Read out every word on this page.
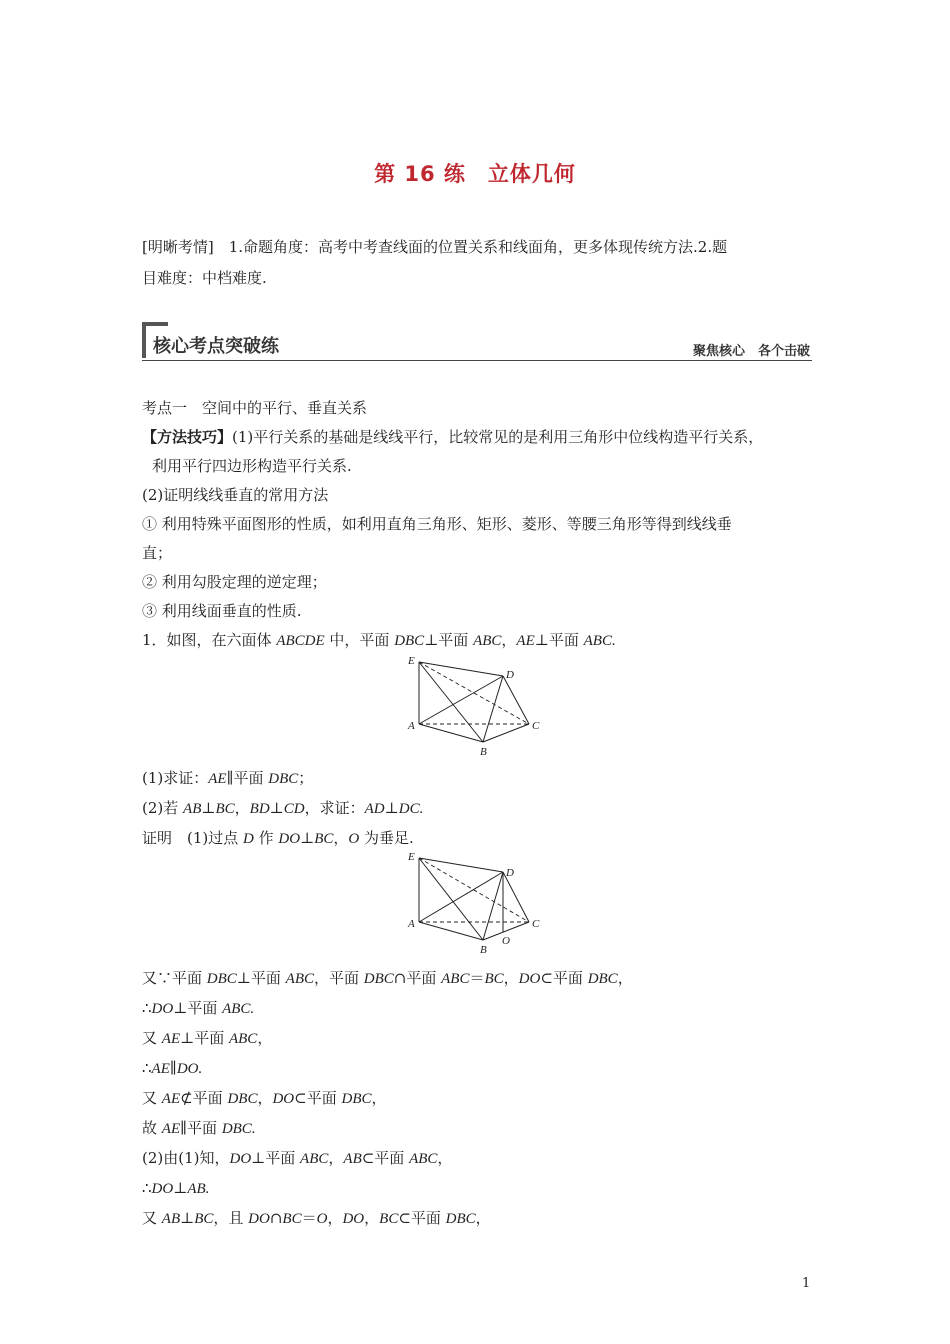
第 16 练　立体几何

[明晰考情]　1.命题角度：高考中考查线面的位置关系和线面角，更多体现传统方法.2.题

目难度：中档难度.

核心考点突破练	聚焦核心　各个击破

考点一　空间中的平行、垂直关系

【方法技巧】(1)平行关系的基础是线线平行，比较常见的是利用三角形中位线构造平行关系，

利用平行四边形构造平行关系.

(2)证明线线垂直的常用方法

① 利用特殊平面图形的性质，如利用直角三角形、矩形、菱形、等腰三角形等得到线线垂

直；

② 利用勾股定理的逆定理；

③ 利用线面垂直的性质.

1．如图，在六面体 ABCDE 中，平面 DBC⊥平面 ABC，AE⊥平面 ABC.

E
D
A
B
C

(1)求证：AE∥平面 DBC；

(2)若 AB⊥BC，BD⊥CD，求证：AD⊥DC.

证明　(1)过点 D 作 DO⊥BC，O 为垂足.

E
D
A
B
C
O

又∵平面 DBC⊥平面 ABC，平面 DBC∩平面 ABC＝BC，DO⊂平面 DBC，

∴DO⊥平面 ABC.

又 AE⊥平面 ABC，

∴AE∥DO.

又 AE⊄平面 DBC，DO⊂平面 DBC，

故 AE∥平面 DBC.

(2)由(1)知，DO⊥平面 ABC，AB⊂平面 ABC，

∴DO⊥AB.

又 AB⊥BC，且 DO∩BC＝O，DO，BC⊂平面 DBC，

1
